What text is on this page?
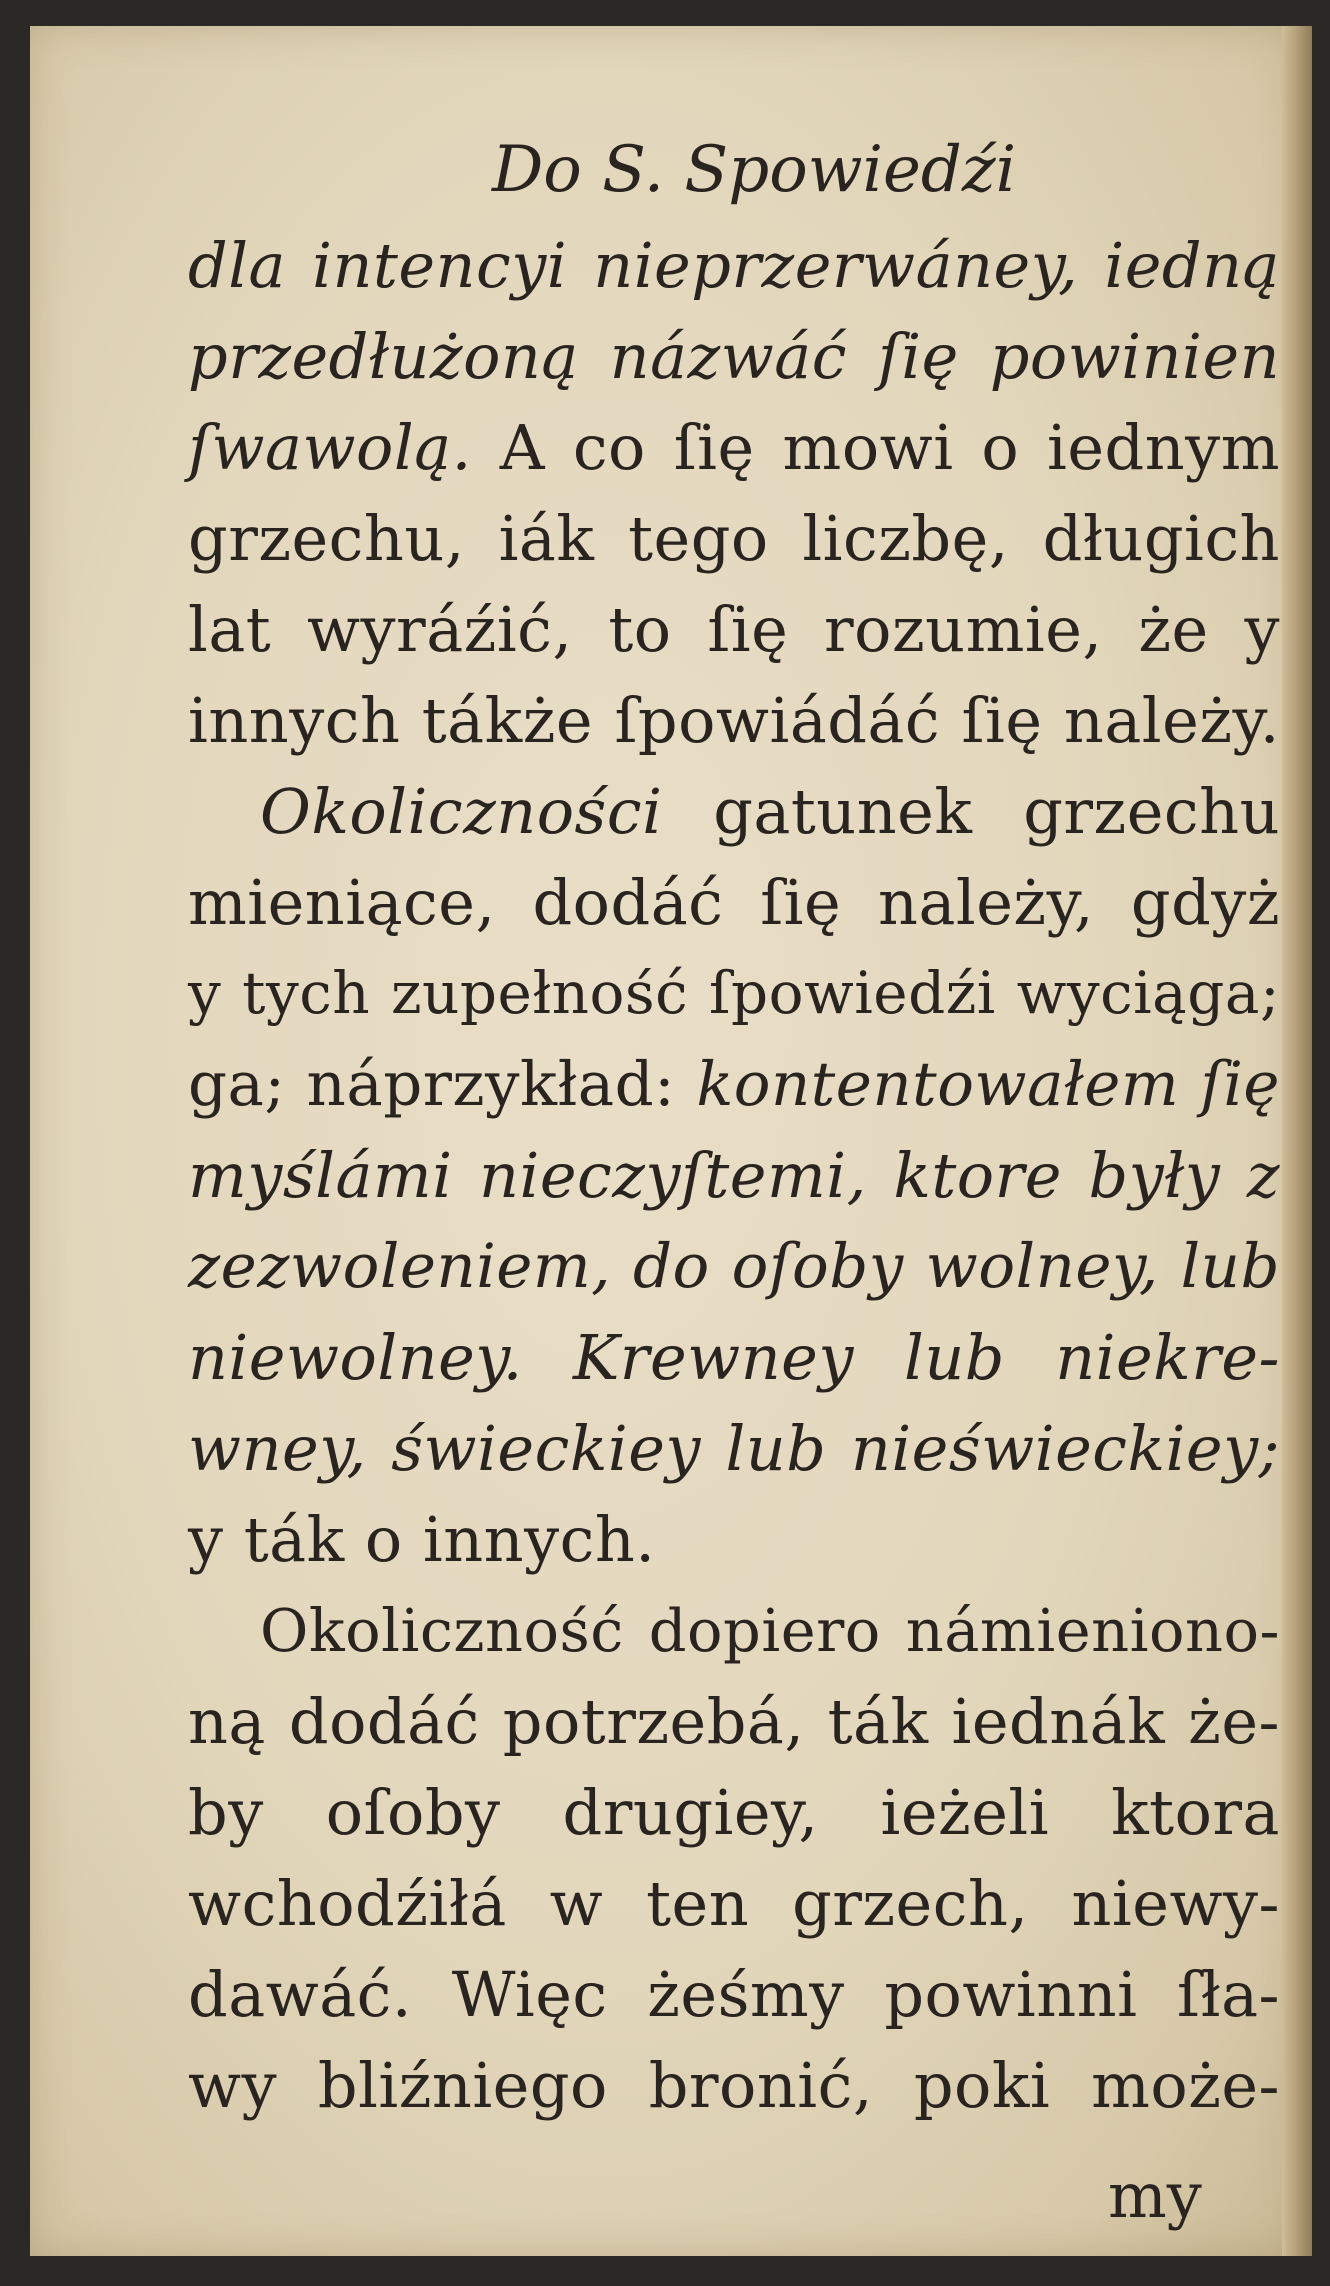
Do S. Spowiedźi
dla intencyi nieprzerwáney, iedną
przedłużoną názwáć ſię powinien
ſwawolą. A co ſię mowi o iednym
grzechu, iák tego liczbę, długich
lat wyráźić, to ſię rozumie, że y
innych tákże ſpowiádáć ſię należy.
Okoliczności gatunek grzechu
mieniące, dodáć ſię należy, gdyż
y tych zupełność ſpowiedźi wyciąga;
ga; náprzykład: kontentowałem ſię
myślámi nieczyſtemi, ktore były z
zezwoleniem, do oſoby wolney, lub
niewolney. Krewney lub niekre-
wney, świeckiey lub nieświeckiey;
y ták o innych.
Okoliczność dopiero námieniono-
ną dodáć potrzebá, ták iednák że-
by oſoby drugiey, ieżeli ktora
wchodźiłá w ten grzech, niewy-
dawáć. Więc żeśmy powinni ſła-
wy bliźniego bronić, poki może-
my
